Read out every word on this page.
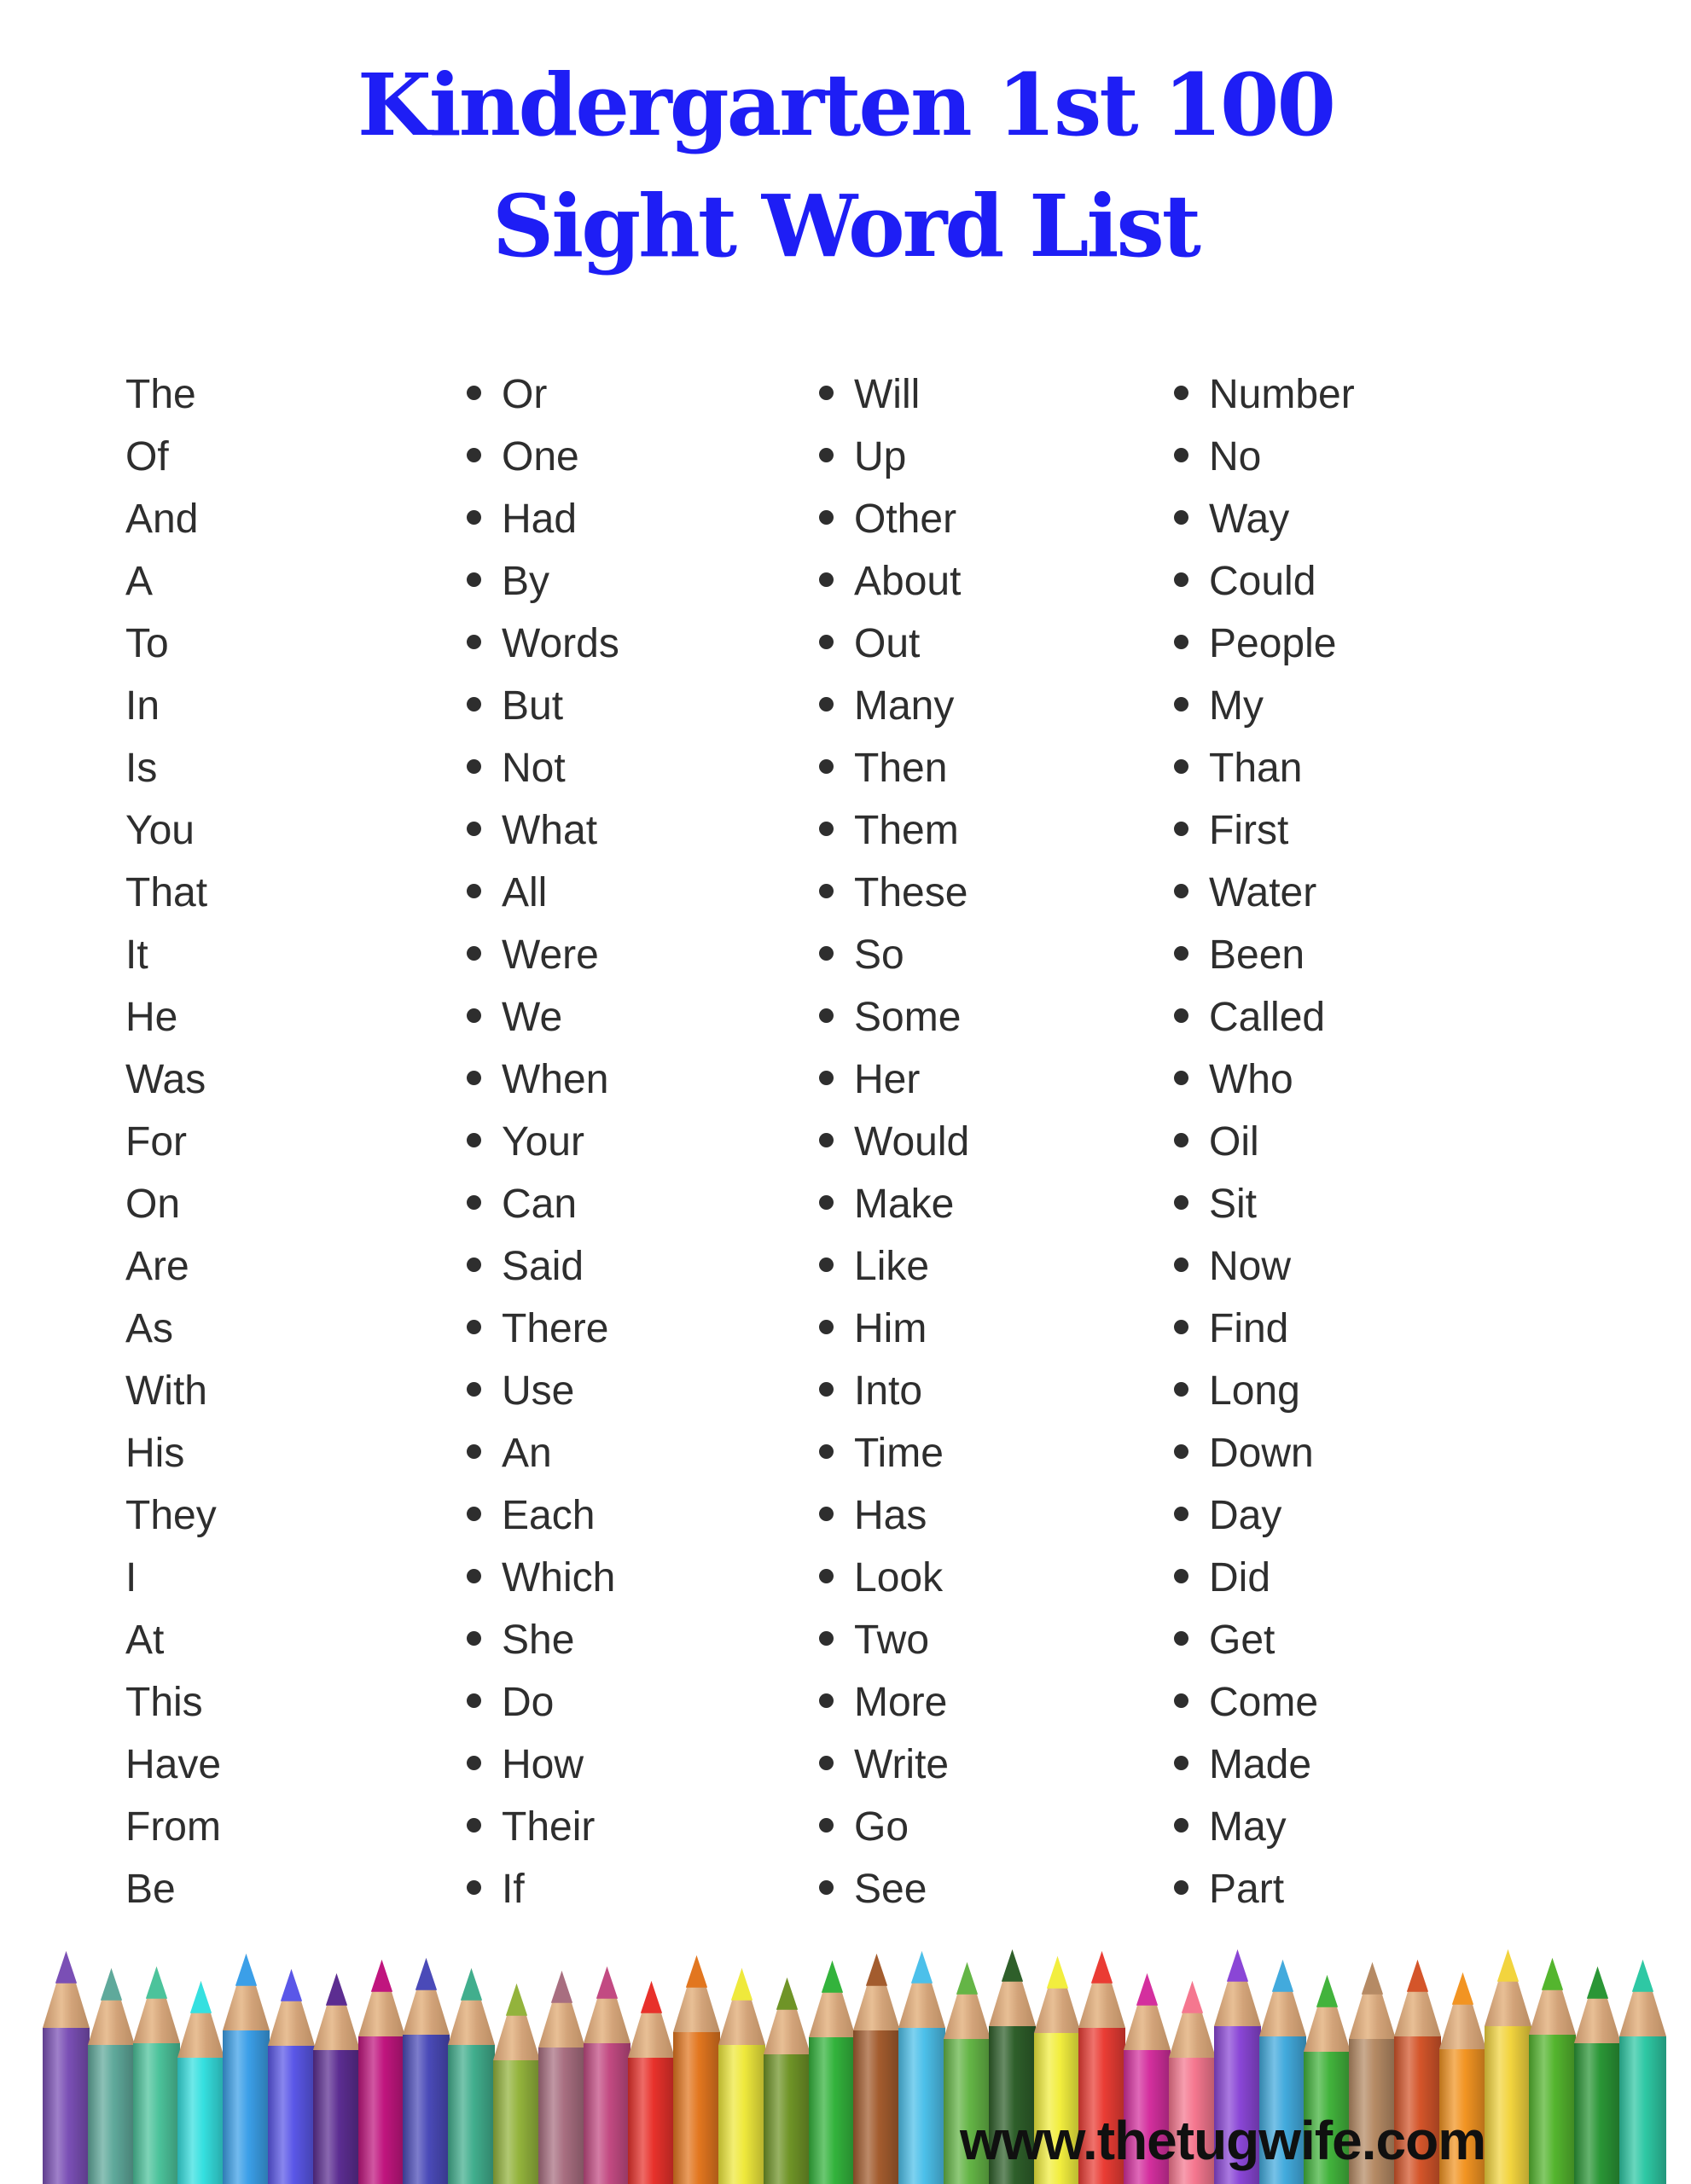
Kindergarten 1st 100
Sight Word List
The
Of
And
A
To
In
Is
You
That
It
He
Was
For
On
Are
As
With
His
They
I
At
This
Have
From
Be
Or
One
Had
By
Words
But
Not
What
All
Were
We
When
Your
Can
Said
There
Use
An
Each
Which
She
Do
How
Their
If
Will
Up
Other
About
Out
Many
Then
Them
These
So
Some
Her
Would
Make
Like
Him
Into
Time
Has
Look
Two
More
Write
Go
See
Number
No
Way
Could
People
My
Than
First
Water
Been
Called
Who
Oil
Sit
Now
Find
Long
Down
Day
Did
Get
Come
Made
May
Part
www.thetugwife.com
